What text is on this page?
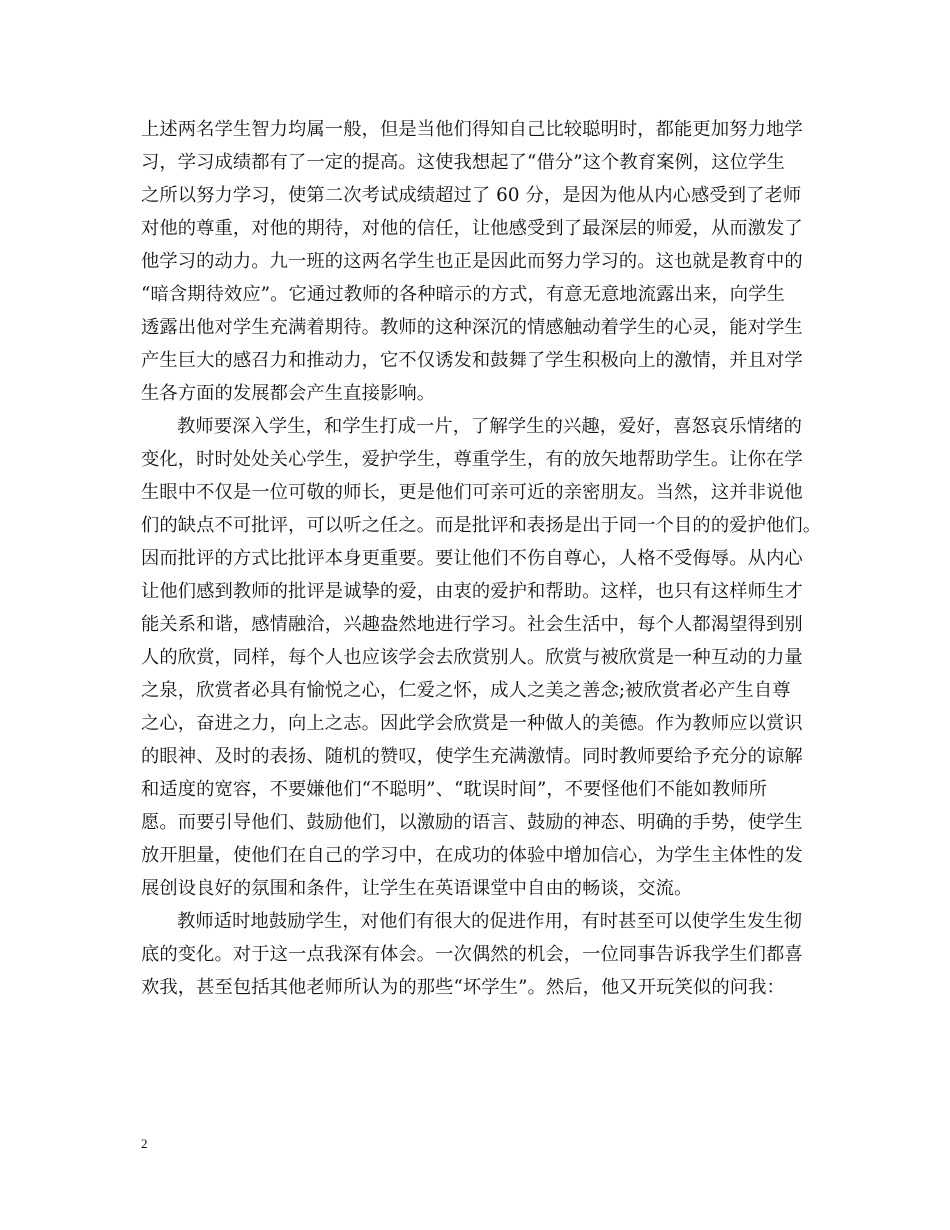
上述两名学生智力均属一般，但是当他们得知自己比较聪明时，都能更加努力地学
习，学习成绩都有了一定的提高。这使我想起了“借分”这个教育案例，这位学生
之所以努力学习，使第二次考试成绩超过了 60 分，是因为他从内心感受到了老师
对他的尊重，对他的期待，对他的信任，让他感受到了最深层的师爱，从而激发了
他学习的动力。九一班的这两名学生也正是因此而努力学习的。这也就是教育中的
“暗含期待效应”。它通过教师的各种暗示的方式，有意无意地流露出来，向学生
透露出他对学生充满着期待。教师的这种深沉的情感触动着学生的心灵，能对学生
产生巨大的感召力和推动力，它不仅诱发和鼓舞了学生积极向上的激情，并且对学
生各方面的发展都会产生直接影响。
教师要深入学生，和学生打成一片，了解学生的兴趣，爱好，喜怒哀乐情绪的
变化，时时处处关心学生，爱护学生，尊重学生，有的放矢地帮助学生。让你在学
生眼中不仅是一位可敬的师长，更是他们可亲可近的亲密朋友。当然，这并非说他
们的缺点不可批评，可以听之任之。而是批评和表扬是出于同一个目的的爱护他们。
因而批评的方式比批评本身更重要。要让他们不伤自尊心，人格不受侮辱。从内心
让他们感到教师的批评是诚挚的爱，由衷的爱护和帮助。这样，也只有这样师生才
能关系和谐，感情融洽，兴趣盎然地进行学习。社会生活中，每个人都渴望得到别
人的欣赏，同样，每个人也应该学会去欣赏别人。欣赏与被欣赏是一种互动的力量
之泉，欣赏者必具有愉悦之心，仁爱之怀，成人之美之善念;被欣赏者必产生自尊
之心，奋进之力，向上之志。因此学会欣赏是一种做人的美德。作为教师应以赏识
的眼神、及时的表扬、随机的赞叹，使学生充满激情。同时教师要给予充分的谅解
和适度的宽容，不要嫌他们“不聪明”、“耽误时间”，不要怪他们不能如教师所
愿。而要引导他们、鼓励他们，以激励的语言、鼓励的神态、明确的手势，使学生
放开胆量，使他们在自己的学习中，在成功的体验中增加信心，为学生主体性的发
展创设良好的氛围和条件，让学生在英语课堂中自由的畅谈，交流。
教师适时地鼓励学生，对他们有很大的促进作用，有时甚至可以使学生发生彻
底的变化。对于这一点我深有体会。一次偶然的机会，一位同事告诉我学生们都喜
欢我，甚至包括其他老师所认为的那些“坏学生”。然后，他又开玩笑似的问我：
2
